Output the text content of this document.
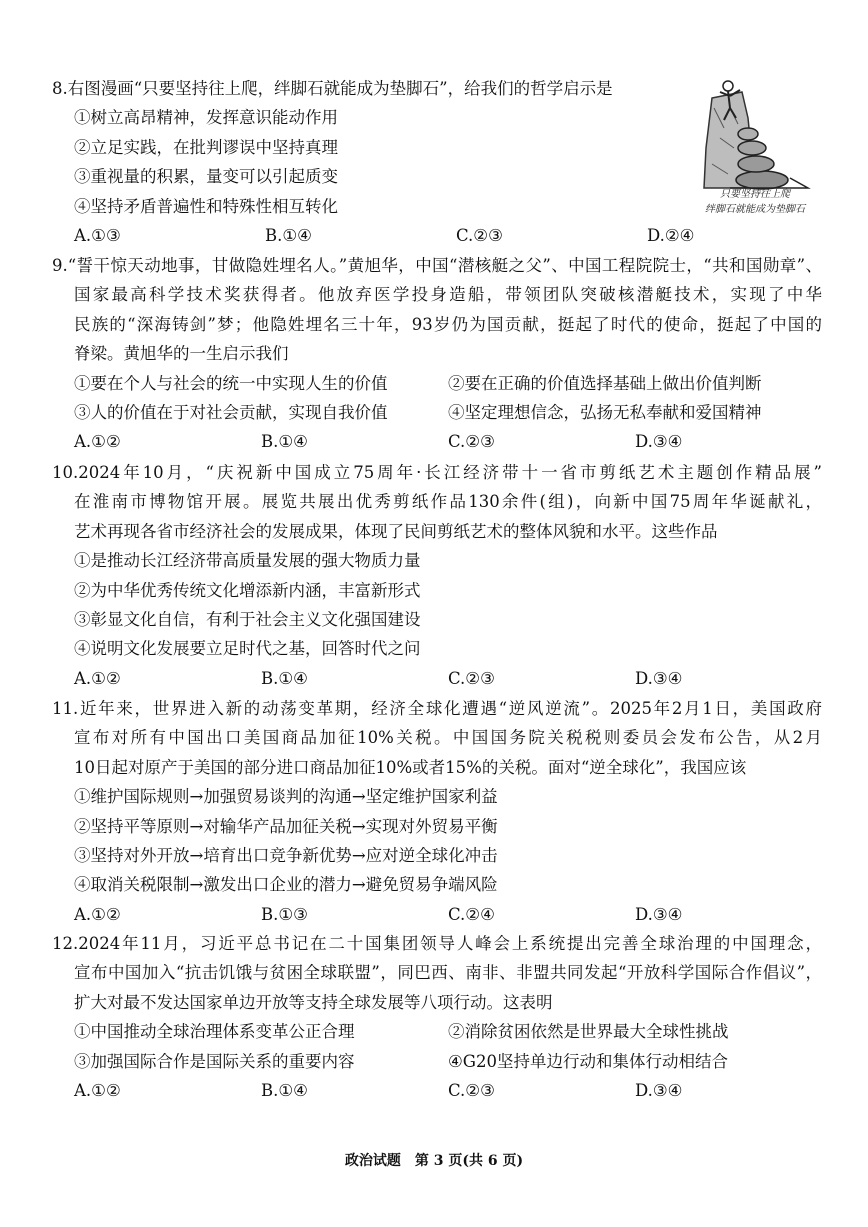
8.右图漫画“只要坚持往上爬，绊脚石就能成为垫脚石”，给我们的哲学启示是
①树立高昂精神，发挥意识能动作用
②立足实践，在批判谬误中坚持真理
③重视量的积累，量变可以引起质变
④坚持矛盾普遍性和特殊性相互转化
A.①③	B.①④	C.②③	D.②④
只要坚持往上爬
绊脚石就能成为垫脚石
9.“誓干惊天动地事，甘做隐姓埋名人。”黄旭华，中国“潜核艇之父”、中国工程院院士，“共和国勋章”、
国家最高科学技术奖获得者。他放弃医学投身造船，带领团队突破核潜艇技术，实现了中华
民族的“深海铸剑”梦；他隐姓埋名三十年，93岁仍为国贡献，挺起了时代的使命，挺起了中国的
脊梁。黄旭华的一生启示我们
①要在个人与社会的统一中实现人生的价值	②要在正确的价值选择基础上做出价值判断
③人的价值在于对社会贡献，实现自我价值	④坚定理想信念，弘扬无私奉献和爱国精神
A.①②	B.①④	C.②③	D.③④
10.2024年10月，“庆祝新中国成立75周年·长江经济带十一省市剪纸艺术主题创作精品展”
在淮南市博物馆开展。展览共展出优秀剪纸作品130余件(组)，向新中国75周年华诞献礼，
艺术再现各省市经济社会的发展成果，体现了民间剪纸艺术的整体风貌和水平。这些作品
①是推动长江经济带高质量发展的强大物质力量
②为中华优秀传统文化增添新内涵，丰富新形式
③彰显文化自信，有利于社会主义文化强国建设
④说明文化发展要立足时代之基，回答时代之问
A.①②	B.①④	C.②③	D.③④
11.近年来，世界进入新的动荡变革期，经济全球化遭遇“逆风逆流”。2025年2月1日，美国政府
宣布对所有中国出口美国商品加征10%关税。中国国务院关税税则委员会发布公告，从2月
10日起对原产于美国的部分进口商品加征10%或者15%的关税。面对“逆全球化”，我国应该
①维护国际规则→加强贸易谈判的沟通→坚定维护国家利益
②坚持平等原则→对输华产品加征关税→实现对外贸易平衡
③坚持对外开放→培育出口竞争新优势→应对逆全球化冲击
④取消关税限制→激发出口企业的潜力→避免贸易争端风险
A.①②	B.①③	C.②④	D.③④
12.2024年11月，习近平总书记在二十国集团领导人峰会上系统提出完善全球治理的中国理念，
宣布中国加入“抗击饥饿与贫困全球联盟”，同巴西、南非、非盟共同发起“开放科学国际合作倡议”，
扩大对最不发达国家单边开放等支持全球发展等八项行动。这表明
①中国推动全球治理体系变革公正合理	②消除贫困依然是世界最大全球性挑战
③加强国际合作是国际关系的重要内容	④G20坚持单边行动和集体行动相结合
A.①②	B.①④	C.②③	D.③④
政治试题　第 3 页(共 6 页)
